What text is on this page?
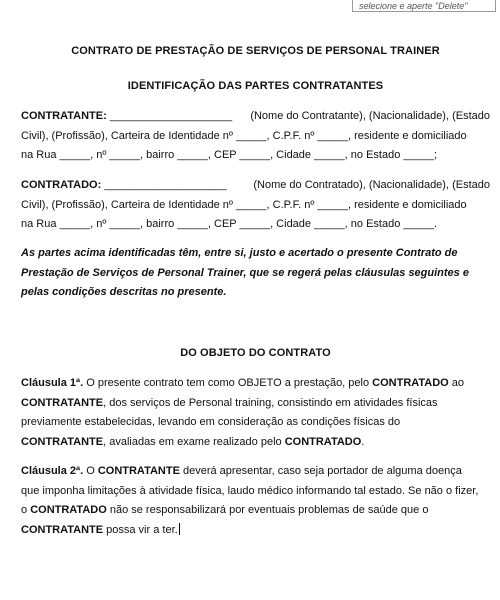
selecione e aperte "Delete"
CONTRATO DE PRESTAÇÃO DE SERVIÇOS DE PERSONAL TRAINER
IDENTIFICAÇÃO DAS PARTES CONTRATANTES
CONTRATANTE: ____________________ (Nome do Contratante), (Nacionalidade), (Estado
Civil), (Profissão), Carteira de Identidade nº _____, C.P.F. nº _____, residente e domiciliado
na Rua _____, nº _____, bairro _____, CEP _____, Cidade _____, no Estado _____;
CONTRATADO: ____________________ (Nome do Contratado), (Nacionalidade), (Estado
Civil), (Profissão), Carteira de Identidade nº _____, C.P.F. nº _____, residente e domiciliado
na Rua _____, nº _____, bairro _____, CEP _____, Cidade _____, no Estado _____.
As partes acima identificadas têm, entre si, justo e acertado o presente Contrato de
Prestação de Serviços de Personal Trainer, que se regerá pelas cláusulas seguintes e
pelas condições descritas no presente.
DO OBJETO DO CONTRATO
Cláusula 1ª. O presente contrato tem como OBJETO a prestação, pelo CONTRATADO ao
CONTRATANTE, dos serviços de Personal training, consistindo em atividades físicas
previamente estabelecidas, levando em consideração as condições físicas do
CONTRATANTE, avaliadas em exame realizado pelo CONTRATADO.
Cláusula 2ª. O CONTRATANTE deverá apresentar, caso seja portador de alguma doença
que imponha limitações à atividade física, laudo médico informando tal estado. Se não o fizer,
o CONTRATADO não se responsabilizará por eventuais problemas de saúde que o
CONTRATANTE possa vir a ter.
